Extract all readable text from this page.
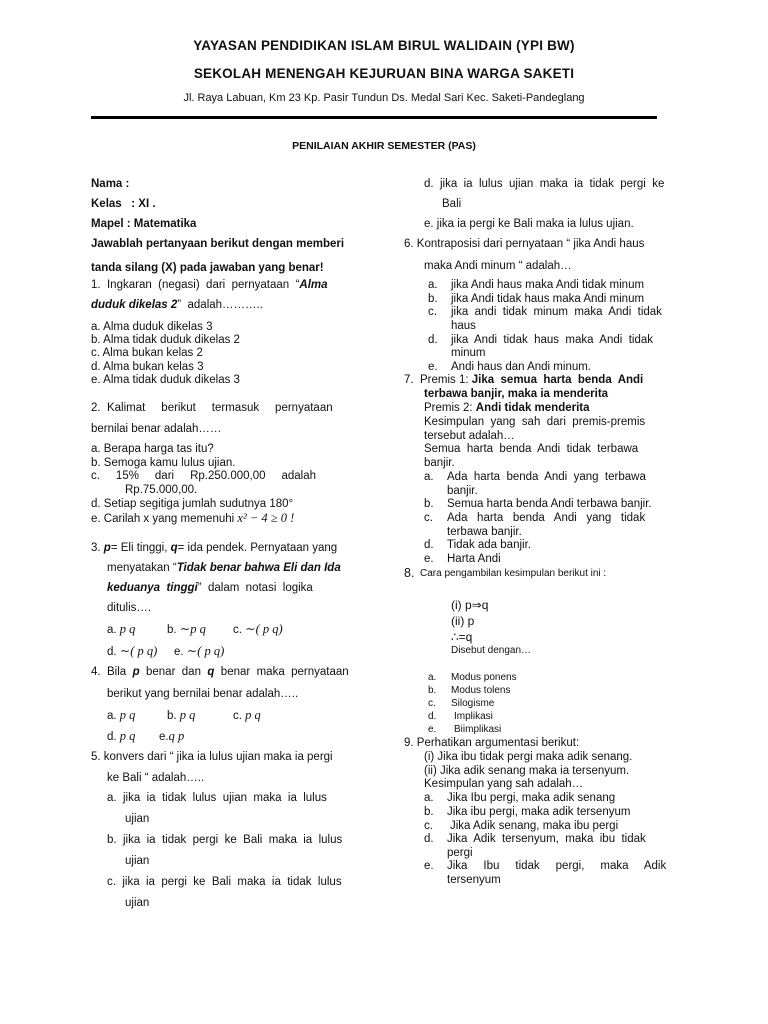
YAYASAN PENDIDIKAN ISLAM BIRUL WALIDAIN (YPI BW)
SEKOLAH MENENGAH KEJURUAN BINA WARGA SAKETI
Jl. Raya Labuan, Km 23 Kp. Pasir Tundun Ds. Medal Sari Kec. Saketi-Pandeglang
PENILAIAN AKHIR SEMESTER (PAS)
Nama :
Kelas   : XI .
Mapel : Matematika
Jawablah pertanyaan berikut dengan memberi
tanda silang (X) pada jawaban yang benar!
1.  Ingkaran  (negasi)  dari  pernyataan  “Alma
duduk dikelas 2”  adalah………..
a. Alma duduk dikelas 3
b. Alma tidak duduk dikelas 2
c. Alma bukan kelas 2
d. Alma bukan kelas 3
e. Alma tidak duduk dikelas 3
2.  Kalimat     berikut     termasuk     pernyataan
bernilai benar adalah……
a. Berapa harga tas itu?
b. Semoga kamu lulus ujian.
c.     15%     dari     Rp.250.000,00     adalah
Rp.75.000,00.
d. Setiap segitiga jumlah sudutnya 180°
e. Carilah x yang memenuhi x² − 4 ≥ 0 !
3. p= Eli tinggi, q= ida pendek. Pernyataan yang
menyatakan “Tidak benar bahwa Eli dan Ida
keduanya  tinggi”  dalam  notasi  logika
ditulis….
a. p q	b. ∼p q c. ∼( p q)
d. ∼( p q) e. ∼( p q)
4.  Bila  p  benar  dan  q  benar  maka  pernyataan
berikut yang bernilai benar adalah…..
a. p q	b. p q	c. p q
d. p q e.q p
5. konvers dari “ jika ia lulus ujian maka ia pergi
ke Bali “ adalah…..
a.  jika  ia  tidak  lulus  ujian  maka  ia  lulus
ujian
b.  jika  ia  tidak  pergi  ke  Bali  maka  ia  lulus
ujian
c.  jika  ia  pergi  ke  Bali  maka  ia  tidak  lulus
ujian
d.  jika  ia  lulus  ujian  maka  ia  tidak  pergi  ke
Bali
e. jika ia pergi ke Bali maka ia lulus ujian.
6. Kontraposisi dari pernyataan “ jika Andi haus
maka Andi minum “ adalah…
a. jika Andi haus maka Andi tidak minum
b. jika Andi tidak haus maka Andi minum
c. jika  andi  tidak  minum  maka  Andi  tidak
haus
d. jika  Andi  tidak  haus  maka  Andi  tidak
minum
e. Andi haus dan Andi minum.
7.  Premis 1: Jika  semua  harta  benda  Andi
terbawa banjir, maka ia menderita
Premis 2: Andi tidak menderita
Kesimpulan  yang  sah  dari  premis-premis
tersebut adalah…
Semua  harta  benda  Andi  tidak  terbawa
banjir.
a. Ada  harta  benda  Andi  yang  terbawa
banjir.
b. Semua harta benda Andi terbawa banjir.
c. Ada   harta   benda   Andi   yang   tidak
terbawa banjir.
d. Tidak ada banjir.
e. Harta Andi
8. Cara pengambilan kesimpulan berikut ini :
(i) p⇒q
(ii) p
∴=q
Disebut dengan…
a. Modus ponens
b. Modus tolens
c. Silogisme
d. Implikasi
e. Biimplikasi
9. Perhatikan argumentasi berikut:
(i) Jika ibu tidak pergi maka adik senang.
(ii) Jika adik senang maka ia tersenyum.
Kesimpulan yang sah adalah…
a. Jika Ibu pergi, maka adik senang
b. Jika ibu pergi, maka adik tersenyum
c. Jika Adik senang, maka ibu pergi
d. Jika  Adik  tersenyum,  maka  ibu  tidak
pergi
e. Jika     Ibu     tidak     pergi,     maka     Adik
tersenyum
